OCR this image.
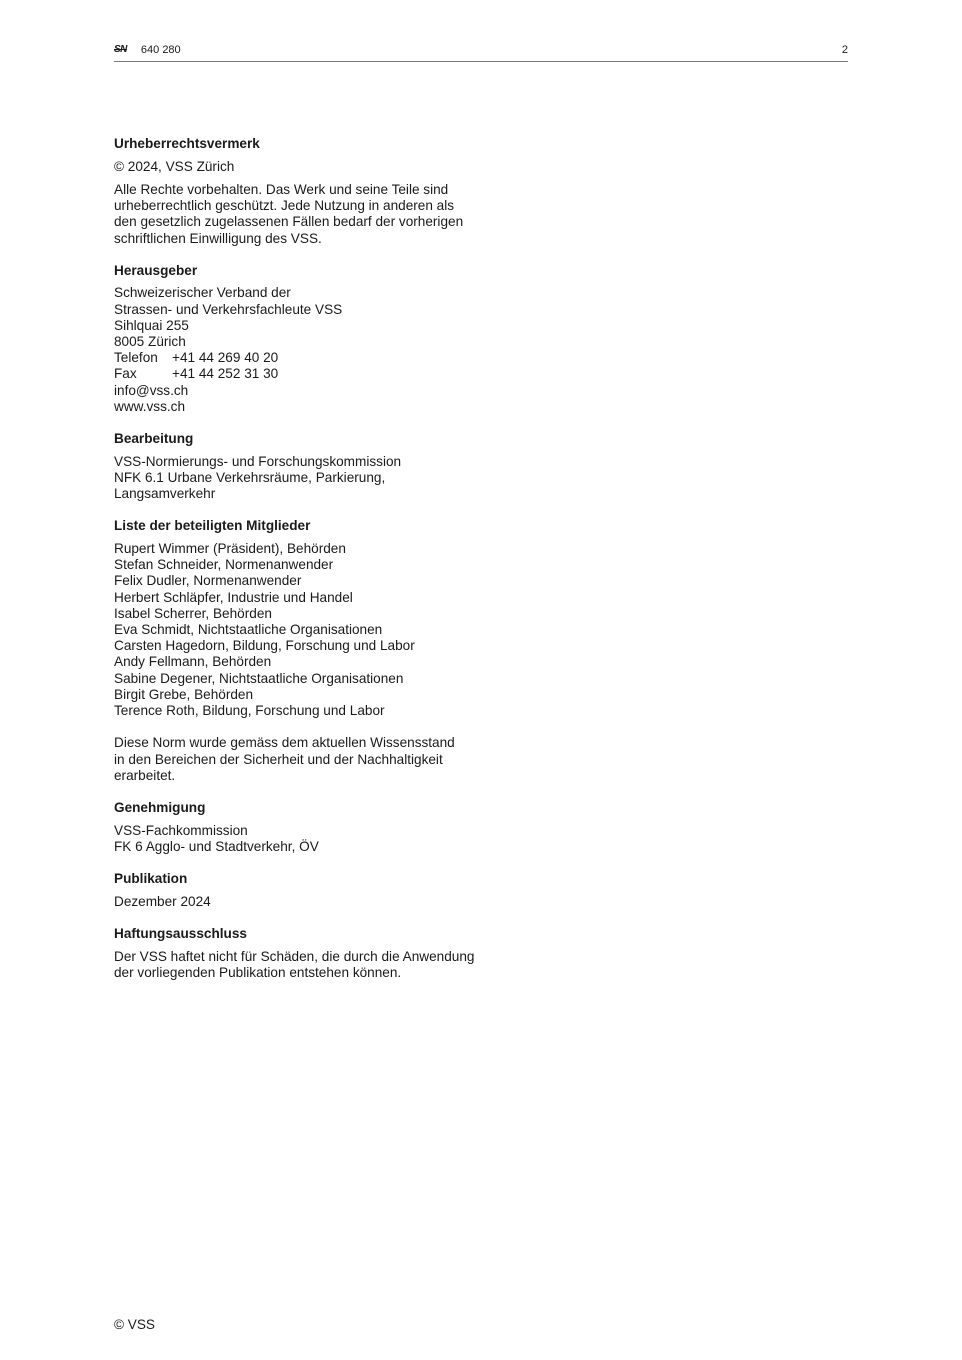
SN 640 280	2
Urheberrechtsvermerk
© 2024, VSS Zürich
Alle Rechte vorbehalten. Das Werk und seine Teile sind
urheberrechtlich geschützt. Jede Nutzung in anderen als
den gesetzlich zugelassenen Fällen bedarf der vorherigen
schriftlichen Einwilligung des VSS.
Herausgeber
Schweizerischer Verband der
Strassen- und Verkehrsfachleute VSS
Sihlquai 255
8005 Zürich
Telefon	+41 44 269 40 20
Fax	+41 44 252 31 30
info@vss.ch
www.vss.ch
Bearbeitung
VSS-Normierungs- und Forschungskommission
NFK 6.1 Urbane Verkehrsräume, Parkierung,
Langsamverkehr
Liste der beteiligten Mitglieder
Rupert Wimmer (Präsident), Behörden
Stefan Schneider, Normenanwender
Felix Dudler, Normenanwender
Herbert Schläpfer, Industrie und Handel
Isabel Scherrer, Behörden
Eva Schmidt, Nichtstaatliche Organisationen
Carsten Hagedorn, Bildung, Forschung und Labor
Andy Fellmann, Behörden
Sabine Degener, Nichtstaatliche Organisationen
Birgit Grebe, Behörden
Terence Roth, Bildung, Forschung und Labor
Diese Norm wurde gemäss dem aktuellen Wissensstand
in den Bereichen der Sicherheit und der Nachhaltigkeit
erarbeitet.
Genehmigung
VSS-Fachkommission
FK 6 Agglo- und Stadtverkehr, ÖV
Publikation
Dezember 2024
Haftungsausschluss
Der VSS haftet nicht für Schäden, die durch die Anwendung
der vorliegenden Publikation entstehen können.
© VSS
